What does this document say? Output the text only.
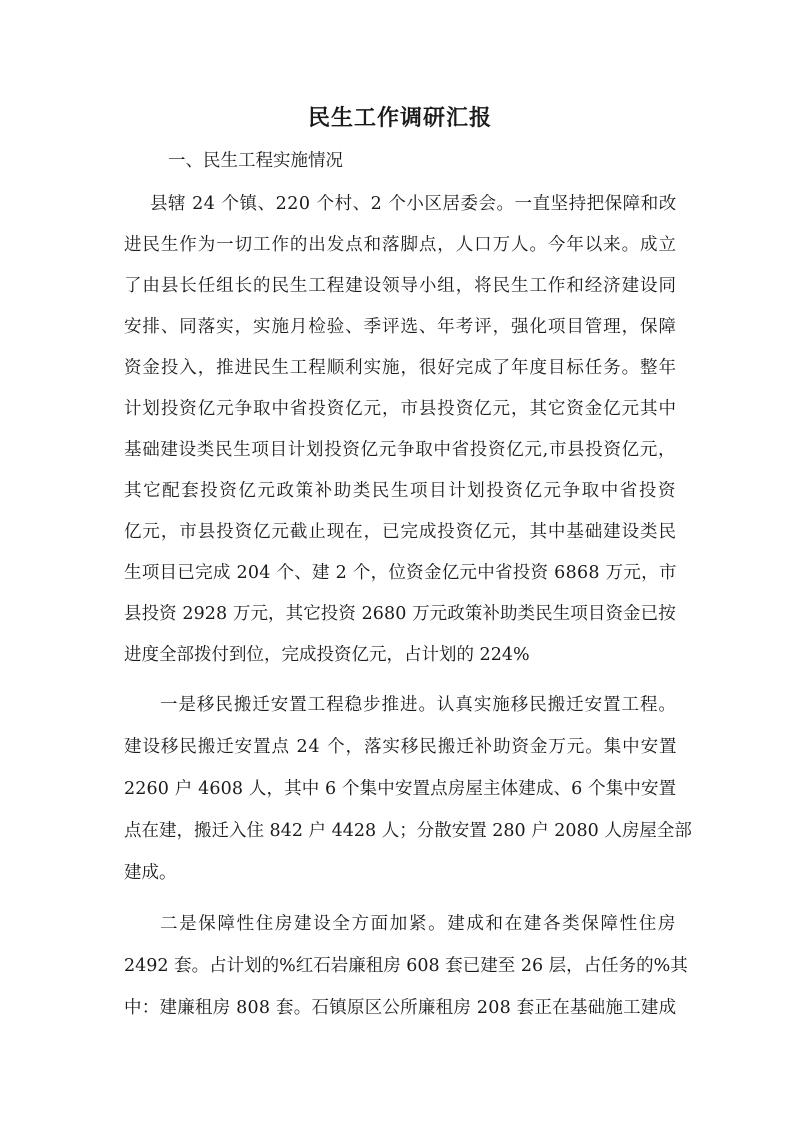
民生工作调研汇报
一、民生工程实施情况
县辖 24 个镇、220 个村、2 个小区居委会。一直坚持把保障和改
进民生作为一切工作的出发点和落脚点，人口万人。今年以来。成立
了由县长任组长的民生工程建设领导小组，将民生工作和经济建设同
安排、同落实，实施月检验、季评选、年考评，强化项目管理，保障
资金投入，推进民生工程顺利实施，很好完成了年度目标任务。整年
计划投资亿元争取中省投资亿元，市县投资亿元，其它资金亿元其中
基础建设类民生项目计划投资亿元争取中省投资亿元,市县投资亿元，
其它配套投资亿元政策补助类民生项目计划投资亿元争取中省投资
亿元，市县投资亿元截止现在，已完成投资亿元，其中基础建设类民
生项目已完成 204 个、建 2 个，位资金亿元中省投资 6868 万元，市
县投资 2928 万元，其它投资 2680 万元政策补助类民生项目资金已按
进度全部拨付到位，完成投资亿元，占计划的 224%
一是移民搬迁安置工程稳步推进。认真实施移民搬迁安置工程。
建设移民搬迁安置点 24 个，落实移民搬迁补助资金万元。集中安置
2260 户 4608 人，其中 6 个集中安置点房屋主体建成、6 个集中安置
点在建，搬迁入住 842 户 4428 人；分散安置 280 户 2080 人房屋全部
建成。
二是保障性住房建设全方面加紧。建成和在建各类保障性住房
2492 套。占计划的%红石岩廉租房 608 套已建至 26 层，占任务的%其
中：建廉租房 808 套。石镇原区公所廉租房 208 套正在基础施工建成
